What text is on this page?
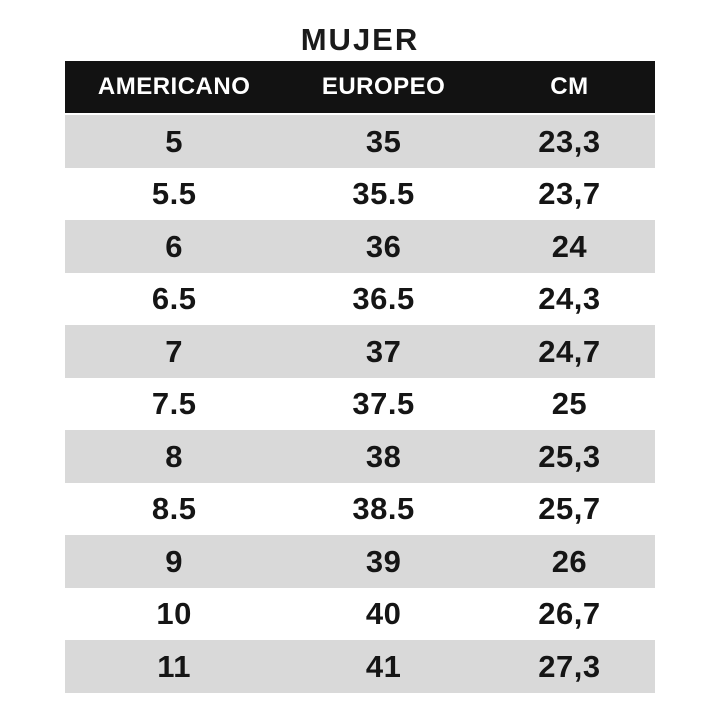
MUJER
AMERICANO	EUROPEO	CM
5	35	23,3
5.5	35.5	23,7
6	36	24
6.5	36.5	24,3
7	37	24,7
7.5	37.5	25
8	38	25,3
8.5	38.5	25,7
9	39	26
10	40	26,7
11	41	27,3
